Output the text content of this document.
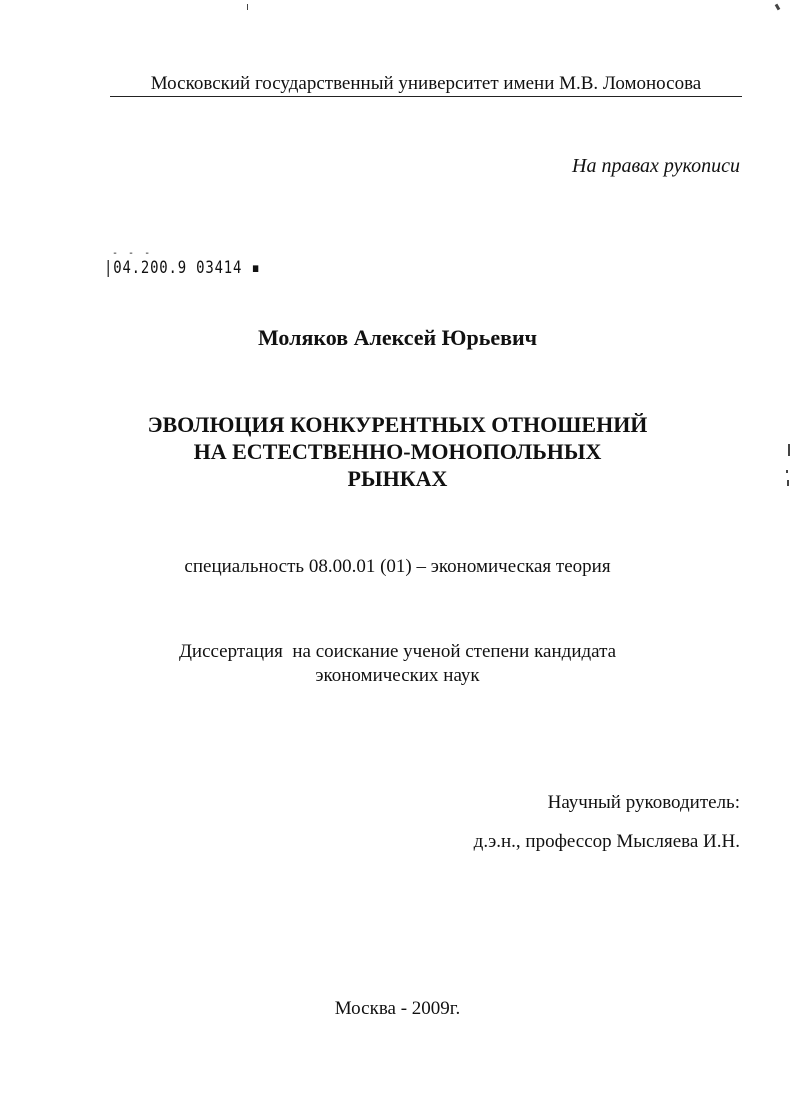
Московский государственный университет имени М.В. Ломоносова
На правах рукописи
- - -
|04.200.9 03414 ▪
Моляков Алексей Юрьевич
ЭВОЛЮЦИЯ КОНКУРЕНТНЫХ ОТНОШЕНИЙ
НА ЕСТЕСТВЕННО-МОНОПОЛЬНЫХ
РЫНКАХ
специальность 08.00.01 (01) – экономическая теория
Диссертация  на соискание ученой степени кандидата
экономических наук
Научный руководитель:
д.э.н., профессор Мысляева И.Н.
Москва - 2009г.
